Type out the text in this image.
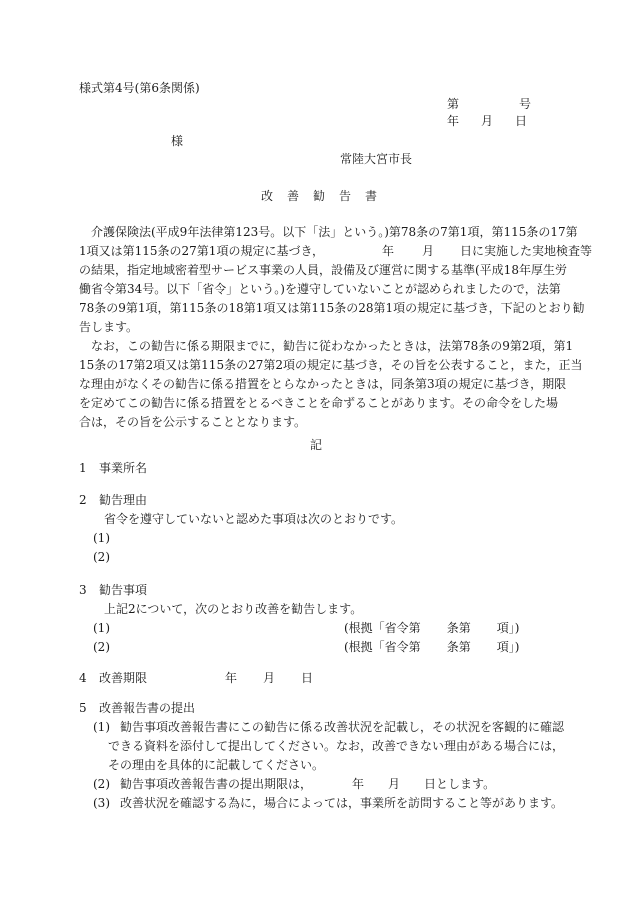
様式第4号(第6条関係)
第	号
年 月 日
様
常陸大宮市長
改　善　勧　告　書
介護保険法(平成9年法律第123号。以下「法」という。)第78条の7第1項，第115条の17第
1項又は第115条の27第1項の規定に基づき，	年 月 日に実施した実地検査等
の結果，指定地域密着型サービス事業の人員，設備及び運営に関する基準(平成18年厚生労
働省令第34号。以下「省令」という。)を遵守していないことが認められましたので，法第
78条の9第1項，第115条の18第1項又は第115条の28第1項の規定に基づき，下記のとおり勧
告します。
なお，この勧告に係る期限までに，勧告に従わなかったときは，法第78条の9第2項，第1
15条の17第2項又は第115条の27第2項の規定に基づき，その旨を公表すること，また，正当
な理由がなくその勧告に係る措置をとらなかったときは，同条第3項の規定に基づき，期限
を定めてこの勧告に係る措置をとるべきことを命ずることがあります。その命令をした場
合は，その旨を公示することとなります。
記
1 事業所名
2 勧告理由
省令を遵守していないと認めた事項は次のとおりです。
(1)
(2)
3 勧告事項
上記2について，次のとおり改善を勧告します。
(1)	(根拠「省令第 条第 項」)
(2)	(根拠「省令第 条第 項」)
4 改善期限	年 月 日
5 改善報告書の提出
(1) 勧告事項改善報告書にこの勧告に係る改善状況を記載し，その状況を客観的に確認
できる資料を添付して提出してください。なお，改善できない理由がある場合には，
その理由を具体的に記載してください。
(2) 勧告事項改善報告書の提出期限は，	年 月 日とします。
(3) 改善状況を確認する為に，場合によっては，事業所を訪問すること等があります。
